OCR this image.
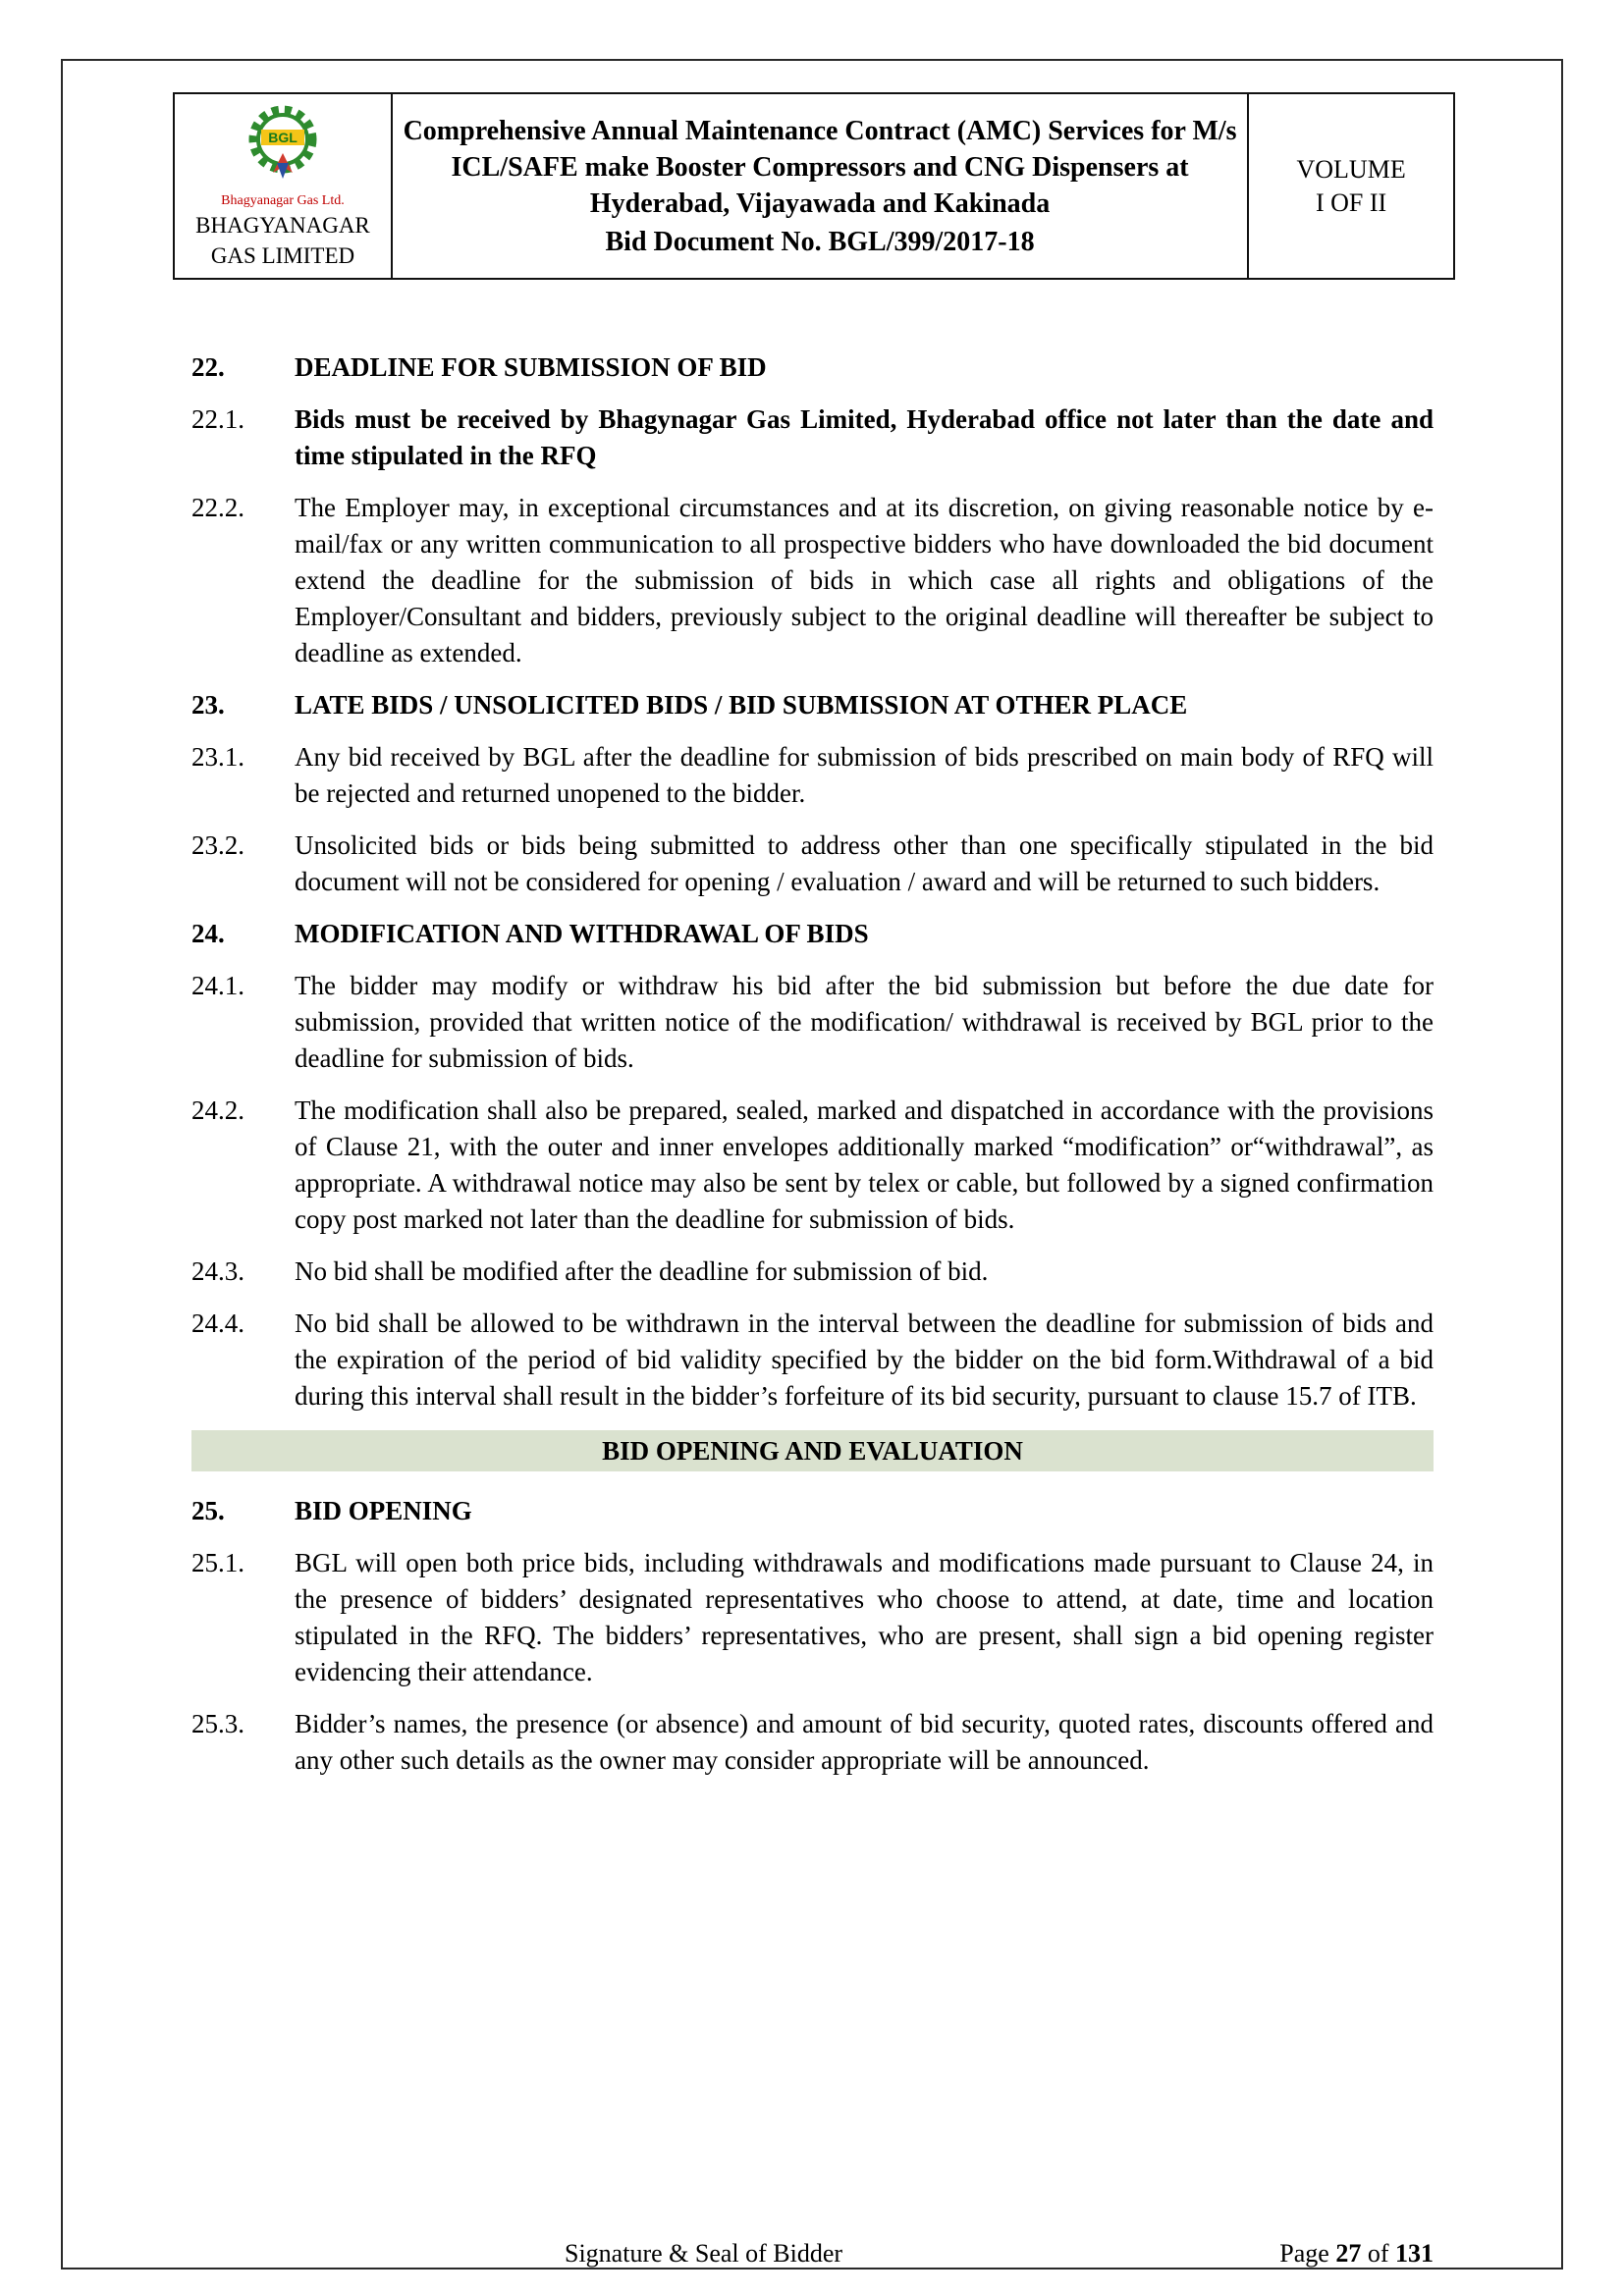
BGL
Bhagyanagar Gas Ltd.
BHAGYANAGAR
GAS LIMITED

Comprehensive Annual Maintenance Contract (AMC) Services for M/s ICL/SAFE make Booster Compressors and CNG Dispensers at Hyderabad, Vijayawada and Kakinada
Bid Document No. BGL/399/2017-18

VOLUME
I OF II
22.	DEADLINE FOR SUBMISSION OF BID
22.1.	Bids must be received by Bhagynagar Gas Limited, Hyderabad office not later than the date and time stipulated in the RFQ
22.2.	The Employer may, in exceptional circumstances and at its discretion, on giving reasonable notice by e-mail/fax or any written communication to all prospective bidders who have downloaded the bid document extend the deadline for the submission of bids in which case all rights and obligations of the Employer/Consultant and bidders, previously subject to the original deadline will thereafter be subject to deadline as extended.
23.	LATE BIDS / UNSOLICITED BIDS / BID SUBMISSION AT OTHER PLACE
23.1.	Any bid received by BGL after the deadline for submission of bids prescribed on main body of RFQ will be rejected and returned unopened to the bidder.
23.2.	Unsolicited bids or bids being submitted to address other than one specifically stipulated in the bid document will not be considered for opening / evaluation / award and will be returned to such bidders.
24.	MODIFICATION AND WITHDRAWAL OF BIDS
24.1.	The bidder may modify or withdraw his bid after the bid submission but before the due date for submission, provided that written notice of the modification/ withdrawal is received by BGL prior to the deadline for submission of bids.
24.2.	The modification shall also be prepared, sealed, marked and dispatched in accordance with the provisions of Clause 21, with the outer and inner envelopes additionally marked “modification” or“withdrawal”, as appropriate. A withdrawal notice may also be sent by telex or cable, but followed by a signed confirmation copy post marked not later than the deadline for submission of bids.
24.3.	No bid shall be modified after the deadline for submission of bid.
24.4.	No bid shall be allowed to be withdrawn in the interval between the deadline for submission of bids and the expiration of the period of bid validity specified by the bidder on the bid form.Withdrawal of a bid during this interval shall result in the bidder’s forfeiture of its bid security, pursuant to clause 15.7 of ITB.
BID OPENING AND EVALUATION
25.	BID OPENING
25.1.	BGL will open both price bids, including withdrawals and modifications made pursuant to Clause 24, in the presence of bidders’ designated representatives who choose to attend, at date, time and location stipulated in the RFQ. The bidders’ representatives, who are present, shall sign a bid opening register evidencing their attendance.
25.3.	Bidder’s names, the presence (or absence) and amount of bid security, quoted rates, discounts offered and any other such details as the owner may consider appropriate will be announced.
Signature & Seal of Bidder	Page 27 of 131
